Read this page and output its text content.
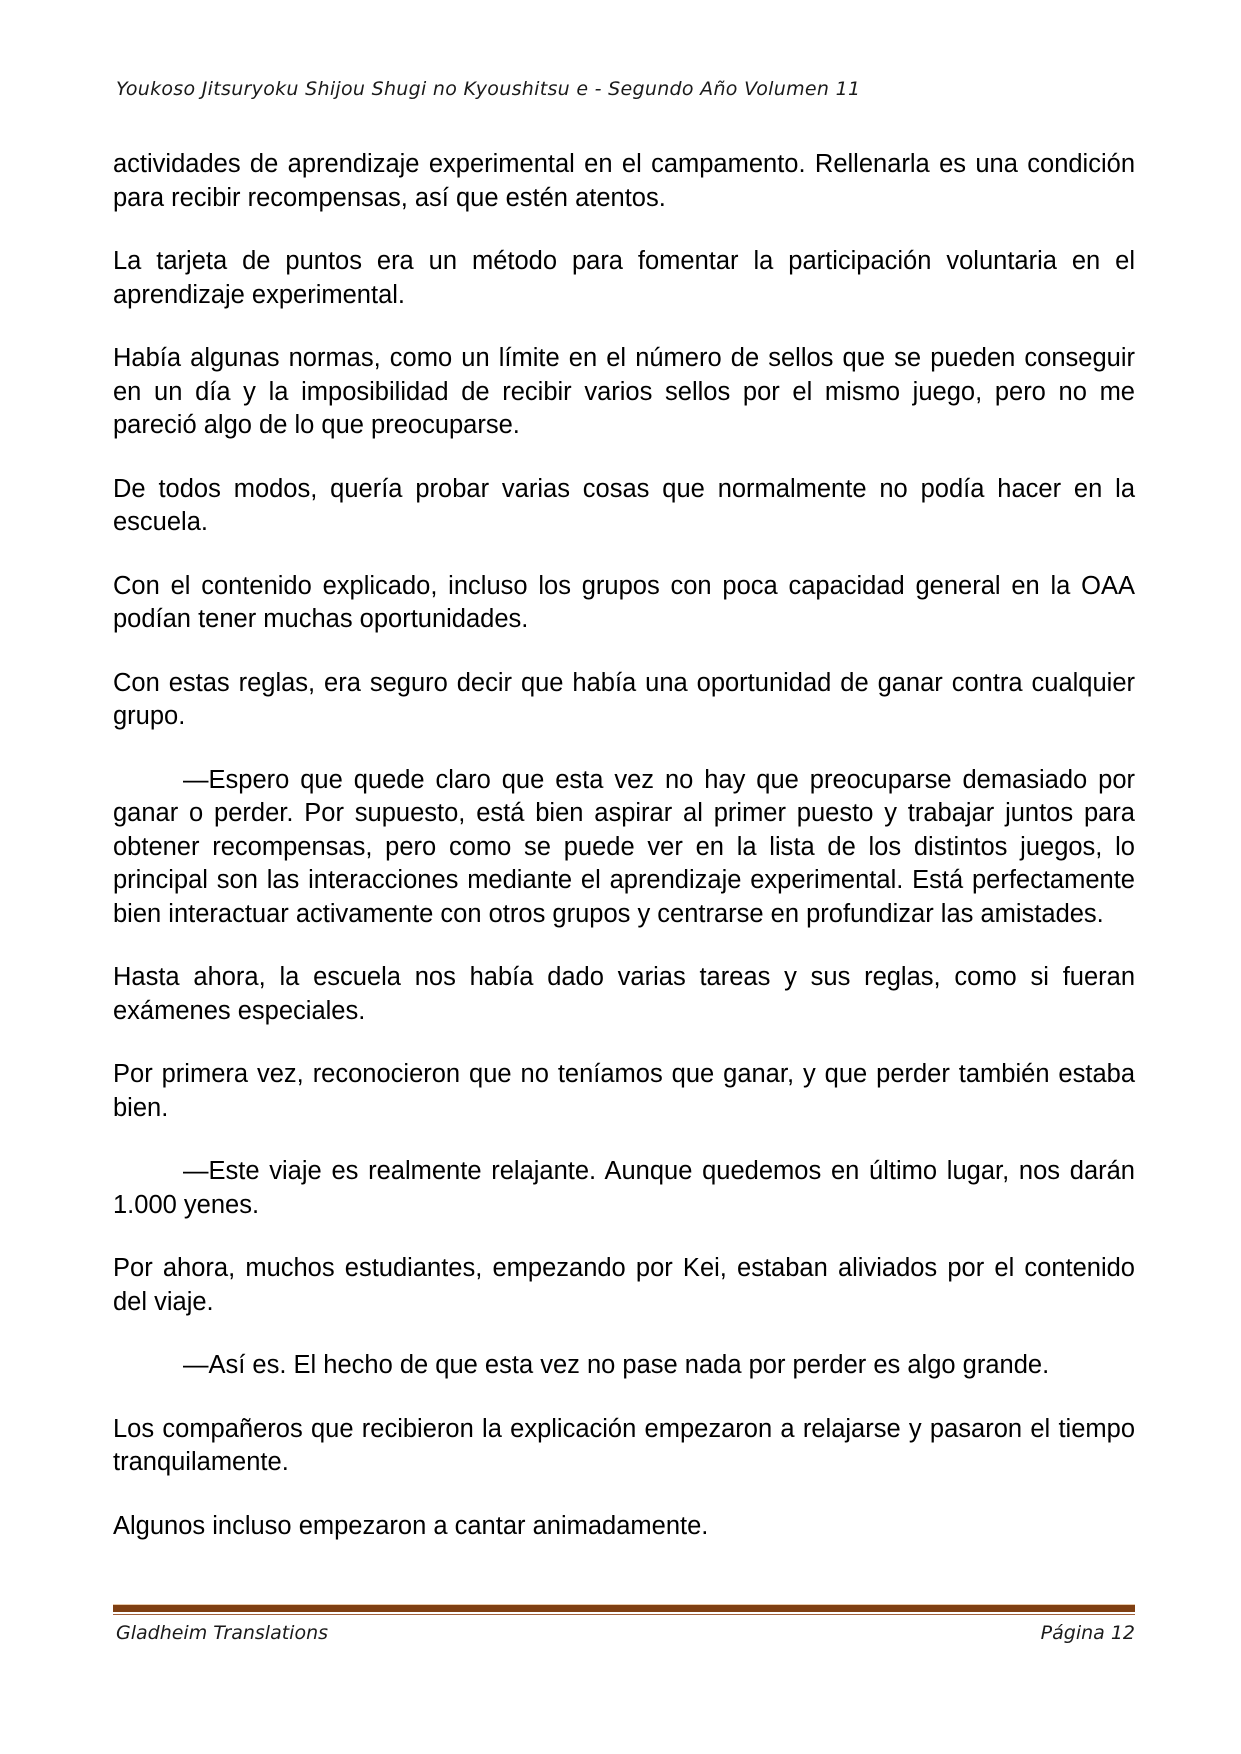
Youkoso Jitsuryoku Shijou Shugi no Kyoushitsu e - Segundo Año Volumen 11

actividades de aprendizaje experimental en el campamento. Rellenarla es una condición para recibir recompensas, así que estén atentos.

La tarjeta de puntos era un método para fomentar la participación voluntaria en el aprendizaje experimental.

Había algunas normas, como un límite en el número de sellos que se pueden conseguir en un día y la imposibilidad de recibir varios sellos por el mismo juego, pero no me pareció algo de lo que preocuparse.

De todos modos, quería probar varias cosas que normalmente no podía hacer en la escuela.

Con el contenido explicado, incluso los grupos con poca capacidad general en la OAA podían tener muchas oportunidades.

Con estas reglas, era seguro decir que había una oportunidad de ganar contra cualquier grupo.

—Espero que quede claro que esta vez no hay que preocuparse demasiado por ganar o perder. Por supuesto, está bien aspirar al primer puesto y trabajar juntos para obtener recompensas, pero como se puede ver en la lista de los distintos juegos, lo principal son las interacciones mediante el aprendizaje experimental. Está perfectamente bien interactuar activamente con otros grupos y centrarse en profundizar las amistades.

Hasta ahora, la escuela nos había dado varias tareas y sus reglas, como si fueran exámenes especiales.

Por primera vez, reconocieron que no teníamos que ganar, y que perder también estaba bien.

—Este viaje es realmente relajante. Aunque quedemos en último lugar, nos darán 1.000 yenes.

Por ahora, muchos estudiantes, empezando por Kei, estaban aliviados por el contenido del viaje.

—Así es. El hecho de que esta vez no pase nada por perder es algo grande.

Los compañeros que recibieron la explicación empezaron a relajarse y pasaron el tiempo tranquilamente.

Algunos incluso empezaron a cantar animadamente.

Gladheim Translations	Página 12
